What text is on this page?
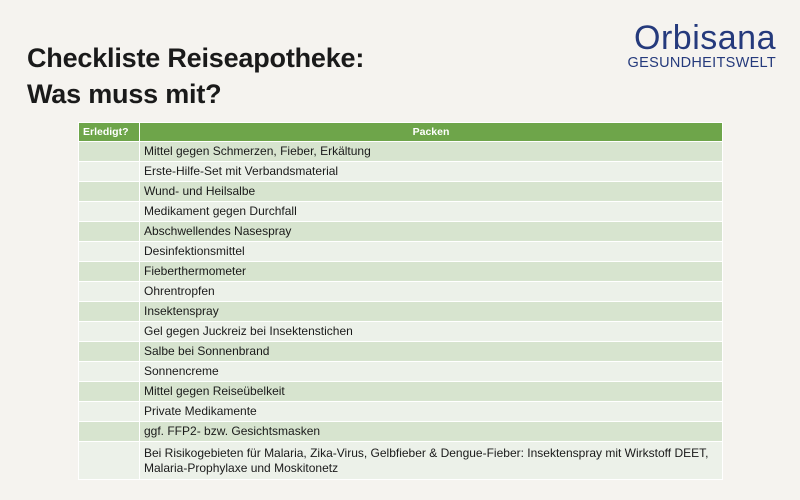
Checkliste Reiseapotheke:
Was muss mit?
Orbisana
GESUNDHEITSWELT
Erledigt?	Packen
	Mittel gegen Schmerzen, Fieber, Erkältung
	Erste-Hilfe-Set mit Verbandsmaterial
	Wund- und Heilsalbe
	Medikament gegen Durchfall
	Abschwellendes Nasespray
	Desinfektionsmittel
	Fieberthermometer
	Ohrentropfen
	Insektenspray
	Gel gegen Juckreiz bei Insektenstichen
	Salbe bei Sonnenbrand
	Sonnencreme
	Mittel gegen Reiseübelkeit
	Private Medikamente
	ggf. FFP2- bzw. Gesichtsmasken
	Bei Risikogebieten für Malaria, Zika-Virus, Gelbfieber & Dengue-Fieber: Insektenspray mit Wirkstoff DEET, Malaria-Prophylaxe und Moskitonetz
